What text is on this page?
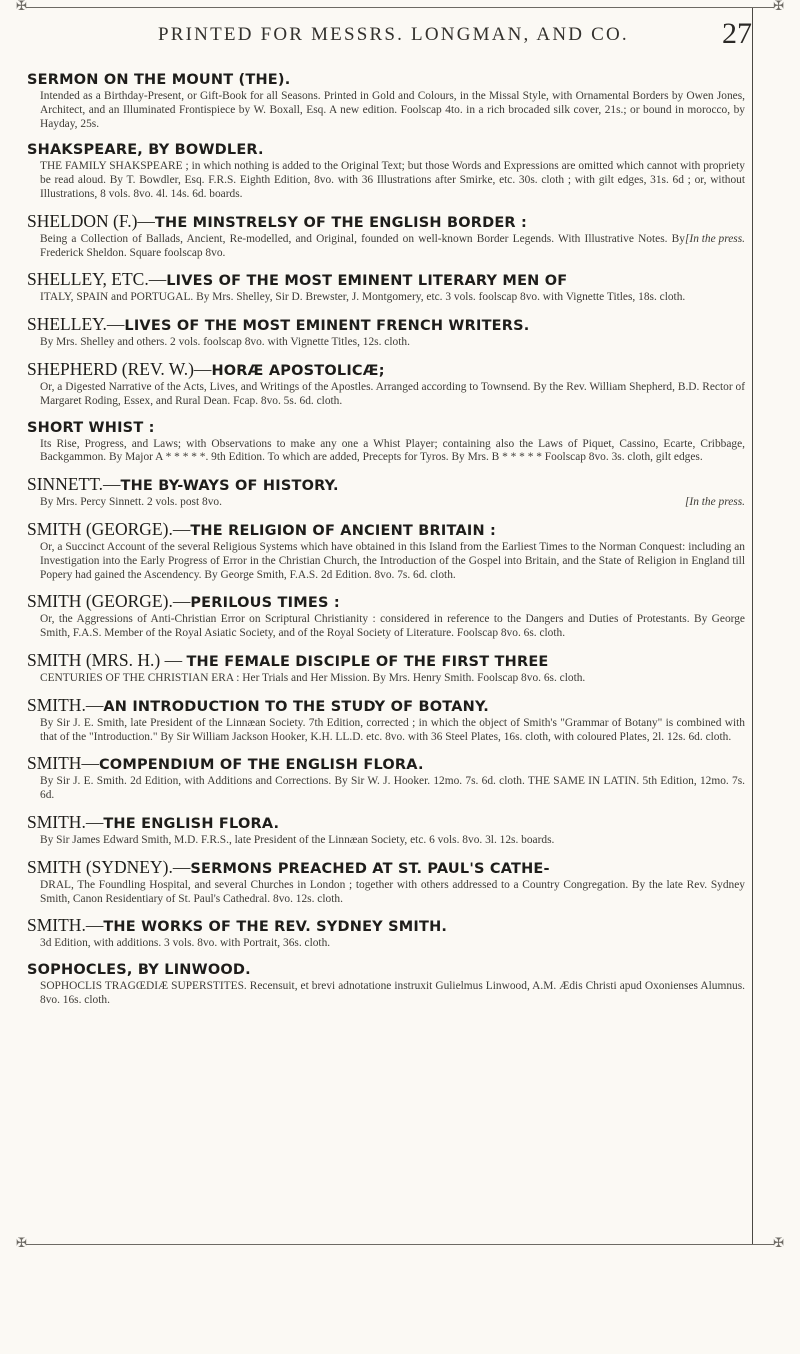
✠	✠
PRINTED FOR MESSRS. LONGMAN, AND CO.	27
SERMON ON THE MOUNT (THE).

Intended as a Birthday-Present, or Gift-Book for all Seasons. Printed in Gold and Colours, in the Missal Style, with Ornamental Borders by Owen Jones, Architect, and an Illuminated Frontispiece by W. Boxall, Esq. A new edition. Foolscap 4to. in a rich brocaded silk cover, 21s.; or bound in morocco, by Hayday, 25s.

SHAKSPEARE, BY BOWDLER.

THE FAMILY SHAKSPEARE ; in which nothing is added to the Original Text; but those Words and Expressions are omitted which cannot with propriety be read aloud. By T. Bowdler, Esq. F.R.S. Eighth Edition, 8vo. with 36 Illustrations after Smirke, etc. 30s. cloth ; with gilt edges, 31s. 6d ; or, without Illustrations, 8 vols. 8vo. 4l. 14s. 6d. boards.

SHELDON (F.)—THE MINSTRELSY OF THE ENGLISH BORDER :

[In the press.
Being a Collection of Ballads, Ancient, Re-modelled, and Original, founded on well-known Border Legends. With Illustrative Notes. By Frederick Sheldon. Square foolscap 8vo.

SHELLEY, ETC.—LIVES OF THE MOST EMINENT LITERARY MEN OF

ITALY, SPAIN and PORTUGAL. By Mrs. Shelley, Sir D. Brewster, J. Montgomery, etc. 3 vols. foolscap 8vo. with Vignette Titles, 18s. cloth.

SHELLEY.—LIVES OF THE MOST EMINENT FRENCH WRITERS.

By Mrs. Shelley and others. 2 vols. foolscap 8vo. with Vignette Titles, 12s. cloth.

SHEPHERD (REV. W.)—HORÆ APOSTOLICÆ;

Or, a Digested Narrative of the Acts, Lives, and Writings of the Apostles. Arranged according to Townsend. By the Rev. William Shepherd, B.D. Rector of Margaret Roding, Essex, and Rural Dean. Fcap. 8vo. 5s. 6d. cloth.

SHORT WHIST :

Its Rise, Progress, and Laws; with Observations to make any one a Whist Player; containing also the Laws of Piquet, Cassino, Ecarte, Cribbage, Backgammon. By Major A * * * * *. 9th Edition. To which are added, Precepts for Tyros. By Mrs. B * * * * * Foolscap 8vo. 3s. cloth, gilt edges.

SINNETT.—THE BY-WAYS OF HISTORY.

[In the press.
By Mrs. Percy Sinnett. 2 vols. post 8vo.

SMITH (GEORGE).—THE RELIGION OF ANCIENT BRITAIN :

Or, a Succinct Account of the several Religious Systems which have obtained in this Island from the Earliest Times to the Norman Conquest: including an Investigation into the Early Progress of Error in the Christian Church, the Introduction of the Gospel into Britain, and the State of Religion in England till Popery had gained the Ascendency. By George Smith, F.A.S. 2d Edition. 8vo. 7s. 6d. cloth.

SMITH (GEORGE).—PERILOUS TIMES :

Or, the Aggressions of Anti-Christian Error on Scriptural Christianity : considered in reference to the Dangers and Duties of Protestants. By George Smith, F.A.S. Member of the Royal Asiatic Society, and of the Royal Society of Literature. Foolscap 8vo. 6s. cloth.

SMITH (MRS. H.) — THE FEMALE DISCIPLE OF THE FIRST THREE

CENTURIES OF THE CHRISTIAN ERA : Her Trials and Her Mission. By Mrs. Henry Smith. Foolscap 8vo. 6s. cloth.

SMITH.—AN INTRODUCTION TO THE STUDY OF BOTANY.

By Sir J. E. Smith, late President of the Linnæan Society. 7th Edition, corrected ; in which the object of Smith's "Grammar of Botany" is combined with that of the "Introduction." By Sir William Jackson Hooker, K.H. LL.D. etc. 8vo. with 36 Steel Plates, 16s. cloth, with coloured Plates, 2l. 12s. 6d. cloth.

SMITH—COMPENDIUM OF THE ENGLISH FLORA.

By Sir J. E. Smith. 2d Edition, with Additions and Corrections. By Sir W. J. Hooker. 12mo. 7s. 6d. cloth. THE SAME IN LATIN. 5th Edition, 12mo. 7s. 6d.

SMITH.—THE ENGLISH FLORA.

By Sir James Edward Smith, M.D. F.R.S., late President of the Linnæan Society, etc. 6 vols. 8vo. 3l. 12s. boards.

SMITH (SYDNEY).—SERMONS PREACHED AT ST. PAUL'S CATHE-

DRAL, The Foundling Hospital, and several Churches in London ; together with others addressed to a Country Congregation. By the late Rev. Sydney Smith, Canon Residentiary of St. Paul's Cathedral. 8vo. 12s. cloth.

SMITH.—THE WORKS OF THE REV. SYDNEY SMITH.

3d Edition, with additions. 3 vols. 8vo. with Portrait, 36s. cloth.

SOPHOCLES, BY LINWOOD.

SOPHOCLIS TRAGŒDIÆ SUPERSTITES. Recensuit, et brevi adnotatione instruxit Gulielmus Linwood, A.M. Ædis Christi apud Oxonienses Alumnus. 8vo. 16s. cloth.

✠	✠
